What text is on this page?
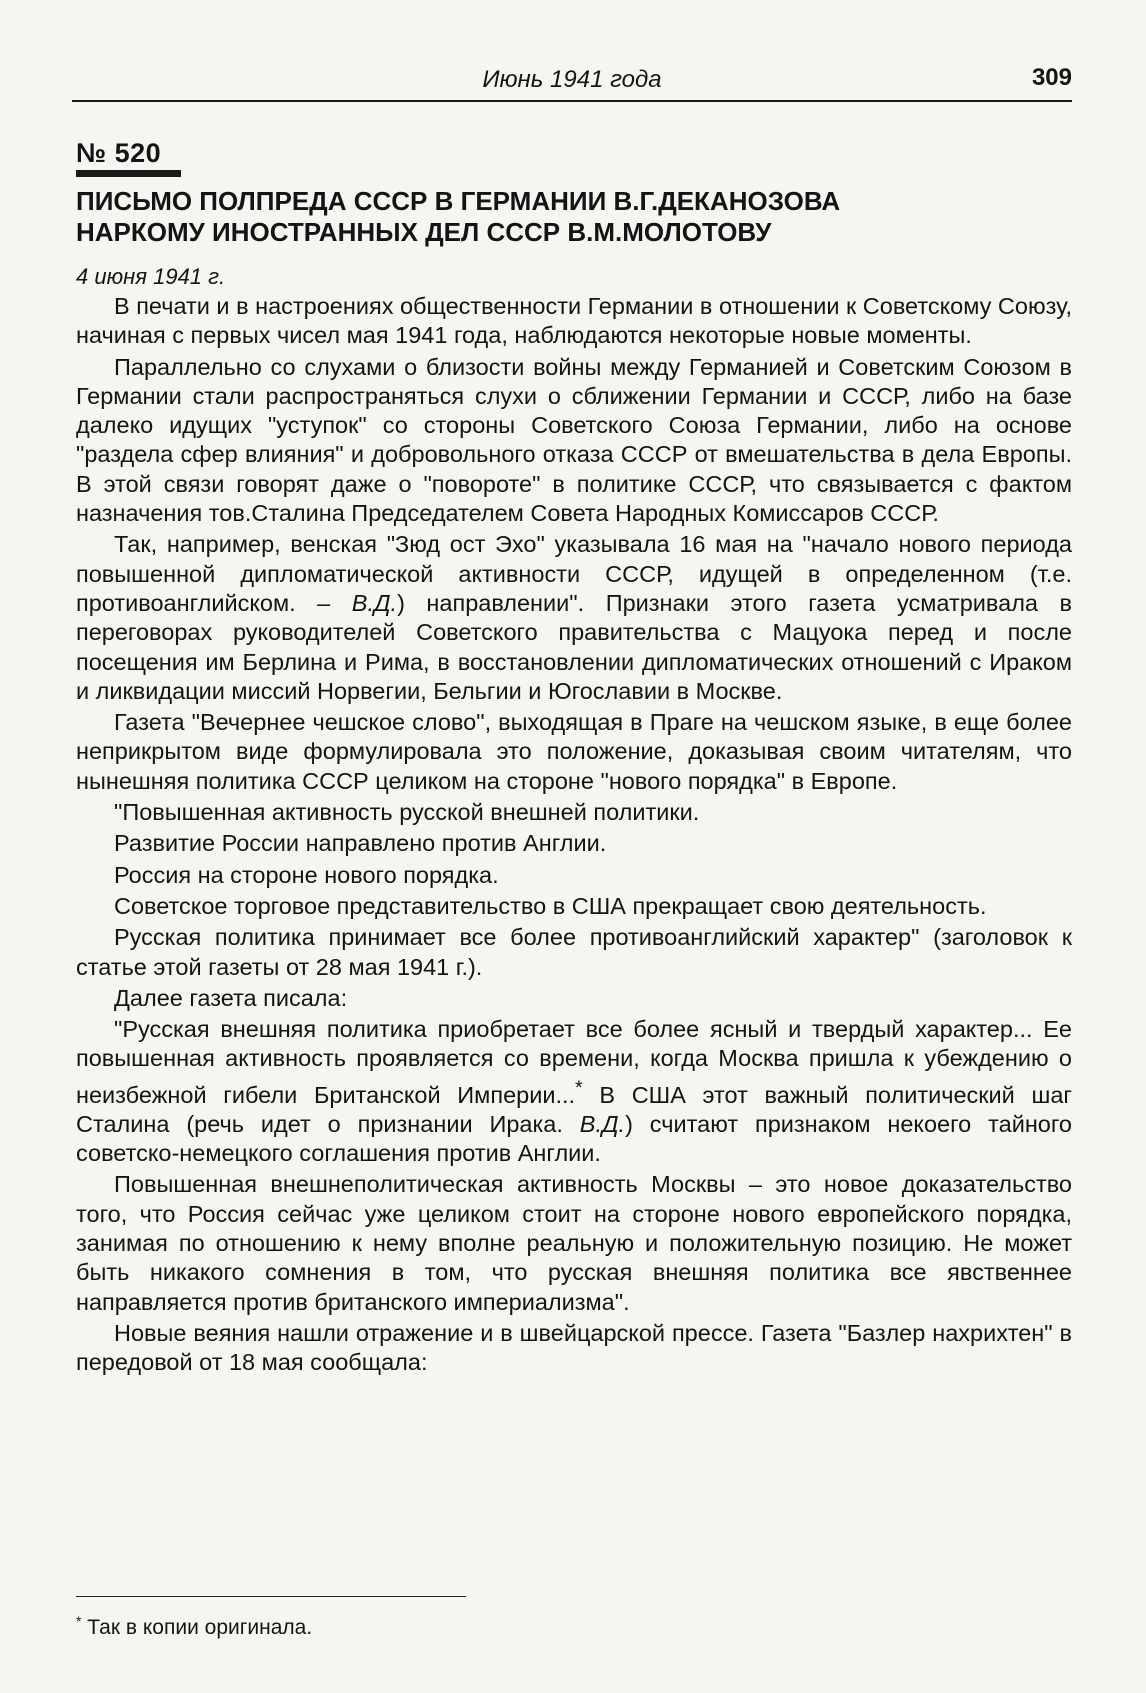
Июнь 1941 года	309
№ 520
ПИСЬМО ПОЛПРЕДА СССР В ГЕРМАНИИ В.Г.ДЕКАНОЗОВА
НАРКОМУ ИНОСТРАННЫХ ДЕЛ СССР В.М.МОЛОТОВУ
4 июня 1941 г.

В печати и в настроениях общественности Германии в отношении к Советскому Союзу, начиная с первых чисел мая 1941 года, наблюдаются некоторые новые моменты.

Параллельно со слухами о близости войны между Германией и Советским Союзом в Германии стали распространяться слухи о сближении Германии и СССР, либо на базе далеко идущих "уступок" со стороны Советского Союза Германии, либо на основе "раздела сфер влияния" и добровольного отказа СССР от вмешательства в дела Европы. В этой связи говорят даже о "повороте" в политике СССР, что связывается с фактом назначения тов.Сталина Председателем Совета Народных Комиссаров СССР.

Так, например, венская "Зюд ост Эхо" указывала 16 мая на "начало нового периода повышенной дипломатической активности СССР, идущей в определенном (т.е. противоанглийском. – В.Д.) направлении". Признаки этого газета усматривала в переговорах руководителей Советского правительства с Мацуока перед и после посещения им Берлина и Рима, в восстановлении дипломатических отношений с Ираком и ликвидации миссий Норвегии, Бельгии и Югославии в Москве.

Газета "Вечернее чешское слово", выходящая в Праге на чешском языке, в еще более неприкрытом виде формулировала это положение, доказывая своим читателям, что нынешняя политика СССР целиком на стороне "нового порядка" в Европе.

"Повышенная активность русской внешней политики.

Развитие России направлено против Англии.

Россия на стороне нового порядка.

Советское торговое представительство в США прекращает свою деятельность.

Русская политика принимает все более противоанглийский характер" (заголовок к статье этой газеты от 28 мая 1941 г.).

Далее газета писала:

"Русская внешняя политика приобретает все более ясный и твердый характер... Ее повышенная активность проявляется со времени, когда Москва пришла к убеждению о неизбежной гибели Британской Империи...* В США этот важный политический шаг Сталина (речь идет о признании Ирака. В.Д.) считают признаком некоего тайного советско-немецкого соглашения против Англии.

Повышенная внешнеполитическая активность Москвы – это новое доказательство того, что Россия сейчас уже целиком стоит на стороне нового европейского порядка, занимая по отношению к нему вполне реальную и положительную позицию. Не может быть никакого сомнения в том, что русская внешняя политика все явственнее направляется против британского империализма".

Новые веяния нашли отражение и в швейцарской прессе. Газета "Базлер нахрихтен" в передовой от 18 мая сообщала:

* Так в копии оригинала.
